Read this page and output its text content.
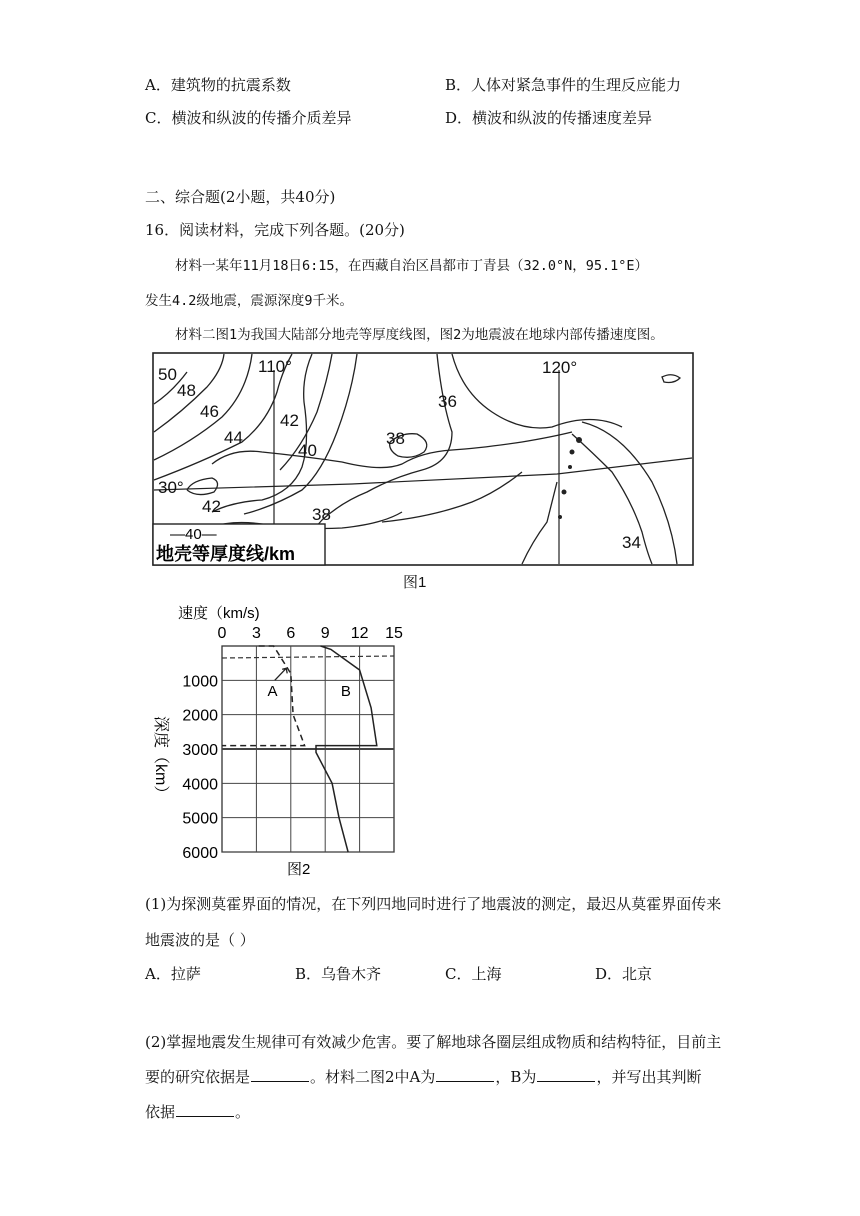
A．建筑物的抗震系数	B．人体对紧急事件的生理反应能力
C．横波和纵波的传播介质差异	D．横波和纵波的传播速度差异
二、综合题(2小题，共40分)
16．阅读材料，完成下列各题。(20分)
材料一某年11月18日6:15，在西藏自治区昌都市丁青县（32.0°N，95.1°E）
发生4.2级地震，震源深度9千米。
材料二图1为我国大陆部分地壳等厚度线图，图2为地震波在地球内部传播速度图。
110°	120°
30°
50
48
46
44
42
40
36
38
42	38
34
—40—
地壳等厚度线/km
图1
速度（km/s)
深度（km）
0 3 6 9 12 15
1000
2000
3000
4000
5000
6000
A	B
图2
(1)为探测莫霍界面的情况，在下列四地同时进行了地震波的测定，最迟从莫霍界面传来
地震波的是（ ）
A．拉萨	B．乌鲁木齐	C．上海	D．北京
(2)掌握地震发生规律可有效减少危害。要了解地球各圈层组成物质和结构特征，目前主
要的研究依据是	。材料二图2中A为	，B为	，并写出其判断
依据	。
